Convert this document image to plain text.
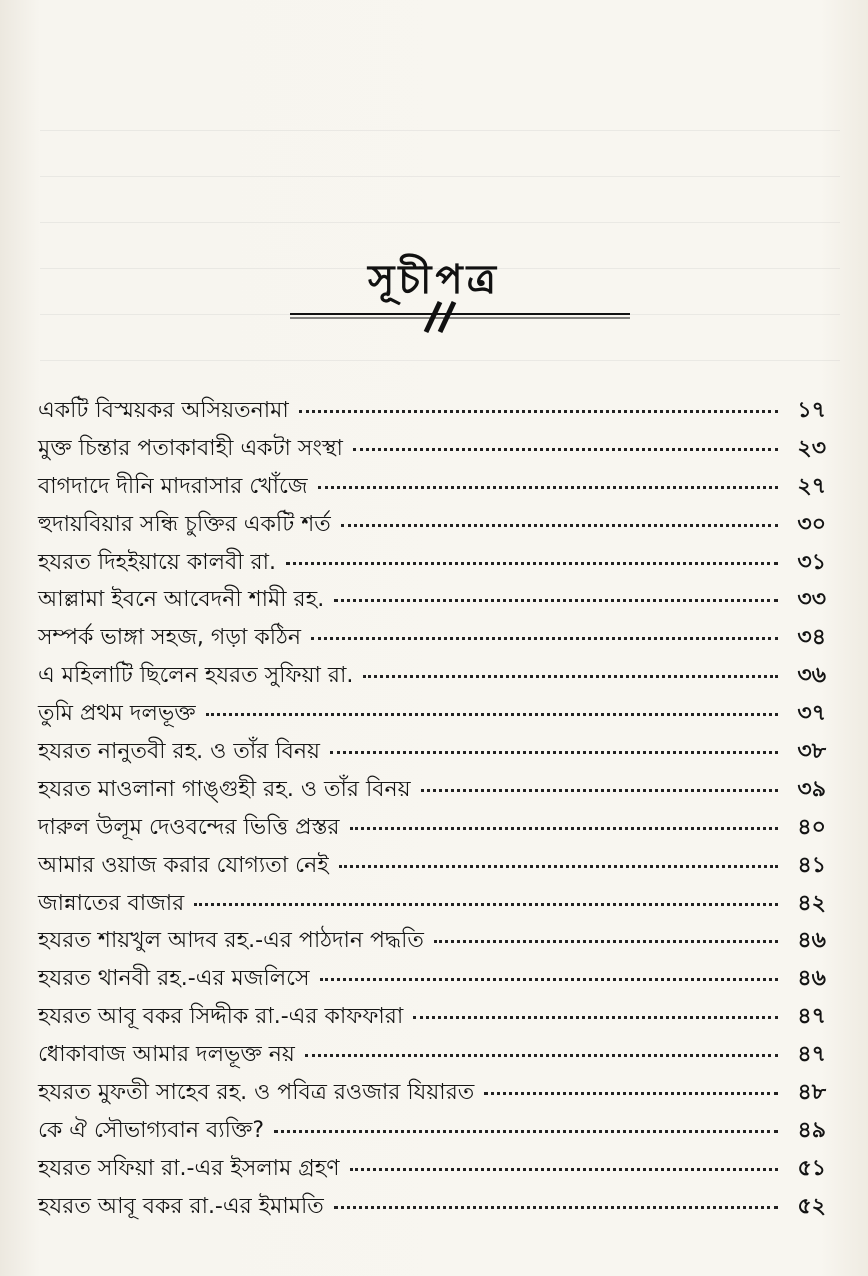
সূচীপত্র
একটি বিস্ময়কর অসিয়তনামা	১৭
মুক্ত চিন্তার পতাকাবাহী একটা সংস্থা	২৩
বাগদাদে দীনি মাদরাসার খোঁজে	২৭
হুদায়বিয়ার সন্ধি চুক্তির একটি শর্ত	৩০
হযরত দিহইয়ায়ে কালবী রা.	৩১
আল্লামা ইবনে আবেদনী শামী রহ.	৩৩
সম্পর্ক ভাঙ্গা সহজ, গড়া কঠিন	৩৪
এ মহিলাটি ছিলেন হযরত সুফিয়া রা.	৩৬
তুমি প্রথম দলভূক্ত	৩৭
হযরত নানুতবী রহ. ও তাঁর বিনয়	৩৮
হযরত মাওলানা গাঙ্গুহী রহ. ও তাঁর বিনয়	৩৯
দারুল উলূম দেওবন্দের ভিত্তি প্রস্তর	৪০
আমার ওয়াজ করার যোগ্যতা নেই	৪১
জান্নাতের বাজার	৪২
হযরত শায়খুল আদব রহ.-এর পাঠদান পদ্ধতি	৪৬
হযরত থানবী রহ.-এর মজলিসে	৪৬
হযরত আবূ বকর সিদ্দীক রা.-এর কাফফারা	৪৭
ধোকাবাজ আমার দলভূক্ত নয়	৪৭
হযরত মুফতী সাহেব রহ. ও পবিত্র রওজার যিয়ারত	৪৮
কে ঐ সৌভাগ্যবান ব্যক্তি?	৪৯
হযরত সফিয়া রা.-এর ইসলাম গ্রহণ	৫১
হযরত আবূ বকর রা.-এর ইমামতি	৫২
